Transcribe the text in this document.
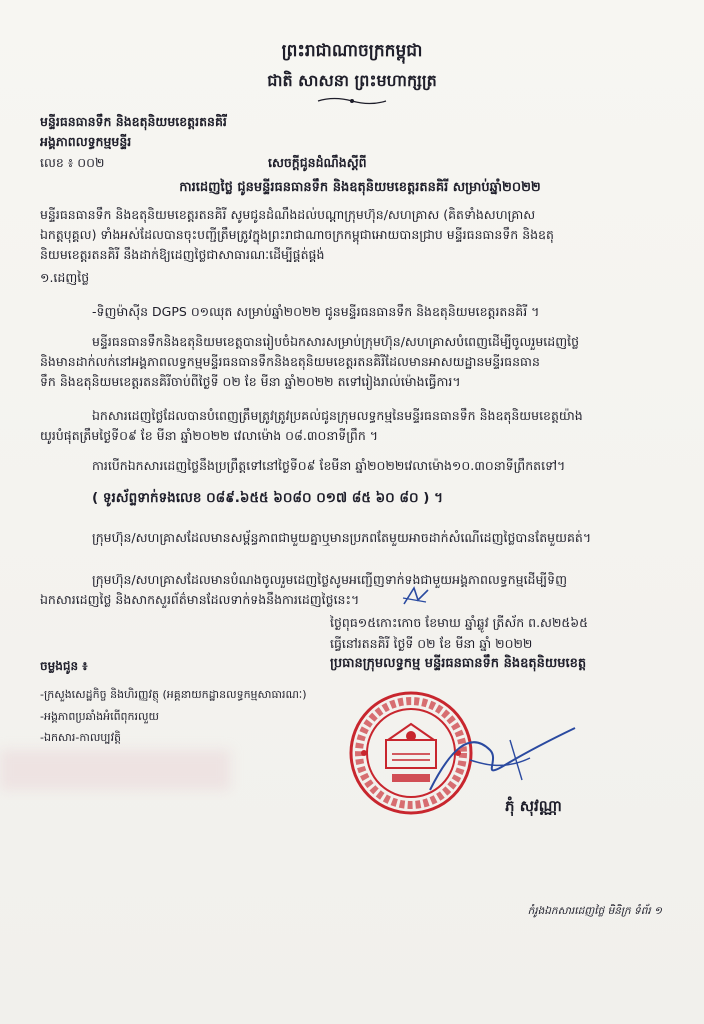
ព្រះរាជាណាចក្រកម្ពុជា
ជាតិ សាសនា ព្រះមហាក្សត្រ
មន្ទីរធនធានទឹក និងឧតុនិយមខេត្តរតនគិរី
អង្គភាពលទ្ធកម្មមន្ទីរ
លេខ ៖ ០០២	សេចក្តីជូនដំណឹងស្តីពី
ការដេញថ្លៃ ជូនមន្ទីរធនធានទឹក និងឧតុនិយមខេត្តរតនគិរី សម្រាប់ឆ្នាំ២០២២
មន្ទីរធនធានទឹក និងឧតុនិយមខេត្តរតនគិរី សូមជូនដំណឹងដល់បណ្តាក្រុមហ៊ុន/សហគ្រាស (គិតទាំងសហគ្រាស
ឯកត្តបុគ្គល) ទាំងអស់ដែលបានចុះបញ្ជីត្រឹមត្រូវក្នុងព្រះរាជាណាចក្រកម្ពុជាអោយបានជ្រាប មន្ទីរធនធានទឹក និងឧតុ
និយមខេត្តរតនគិរី នឹងដាក់ឱ្យដេញថ្លៃជាសាធារណៈដើម្បីផ្គត់ផ្គង់
១.ដេញថ្លៃ
-ទិញម៉ាស៊ីន DGPS ០១ឈុត សម្រាប់ឆ្នាំ២០២២ ជូនមន្ទីរធនធានទឹក និងឧតុនិយមខេត្តរតនគិរី ។
មន្ទីរធនធានទឹកនិងឧតុនិយមខេត្តបានរៀបចំឯកសារសម្រាប់ក្រុមហ៊ុន/សហគ្រាសបំពេញដើម្បីចូលរួមដេញថ្លៃ
និងមានដាក់លក់នៅអង្គភាពលទ្ធកម្មមន្ទីរធនធានទឹកនិងឧតុនិយមខេត្តរតនគិរីដែលមានអាសយដ្ឋានមន្ទីរធនធាន
ទឹក និងឧតុនិយមខេត្តរតនគិរីចាប់ពីថ្ងៃទី ០២ ខែ មីនា ឆ្នាំ២០២២ តទៅរៀងរាល់ម៉ោងធ្វើការ។
ឯកសារដេញថ្លៃដែលបានបំពេញត្រឹមត្រូវត្រូវប្រគល់ជូនក្រុមលទ្ធកម្មនៃមន្ទីរធនធានទឹក និងឧតុនិយមខេត្តយ៉ាង
យូរបំផុតត្រឹមថ្ងៃទី០៩ ខែ មីនា ឆ្នាំ២០២២ វេលាម៉ោង ០៨.៣០នាទីព្រឹក ។
ការបើកឯកសារដេញថ្លៃនឹងប្រព្រឹត្តទៅនៅថ្ងៃទី០៩ ខែមីនា ឆ្នាំ២០២២វេលាម៉ោង១០.៣០នាទីព្រឹកតទៅ។
( ទូរស័ព្ទទាក់ទងលេខ ០៨៩.៦៥៥ ៦០៨០ ០១៧ ៨៥ ៦០ ៨០ ) ។
ក្រុមហ៊ុន/សហគ្រាសដែលមានសម្ព័ន្ធភាពជាមួយគ្នាឬមានប្រភពតែមួយអាចដាក់សំណើដេញថ្លៃបានតែមួយគត់។
ក្រុមហ៊ុន/សហគ្រាសដែលមានបំណងចូលរួមដេញថ្លៃសូមអញ្ជើញទាក់ទងជាមួយអង្គភាពលទ្ធកម្មដើម្បីទិញ
ឯកសារដេញថ្លៃ និងសាកសួរព័ត៌មានដែលទាក់ទងនឹងការដេញថ្លៃនេះ។
ថ្ងៃពុធ១៥កោះកោច ខែមាឃ ឆ្នាំឆ្លូវ ត្រីស័ក ព.ស២៥៦៥
ធ្វើនៅរតនគិរី ថ្ងៃទី ០២ ខែ មីនា ឆ្នាំ ២០២២
ប្រធានក្រុមលទ្ធកម្ម មន្ទីរធនធានទឹក និងឧតុនិយមខេត្ត
ចម្លងជូន ៖
-ក្រសួងសេដ្ឋកិច្ច និងហិរញ្ញវត្ថុ (អគ្គនាយកដ្ឋានលទ្ធកម្មសាធារណៈ)
-អង្គភាពប្រឆាំងអំពើពុករលួយ
-ឯកសារ-កាលប្បវត្តិ
ភុំ សុវណ្ណា
កំរូងឯកសារដេញថ្លៃ មិនិក្រ ទំព័រ ១
